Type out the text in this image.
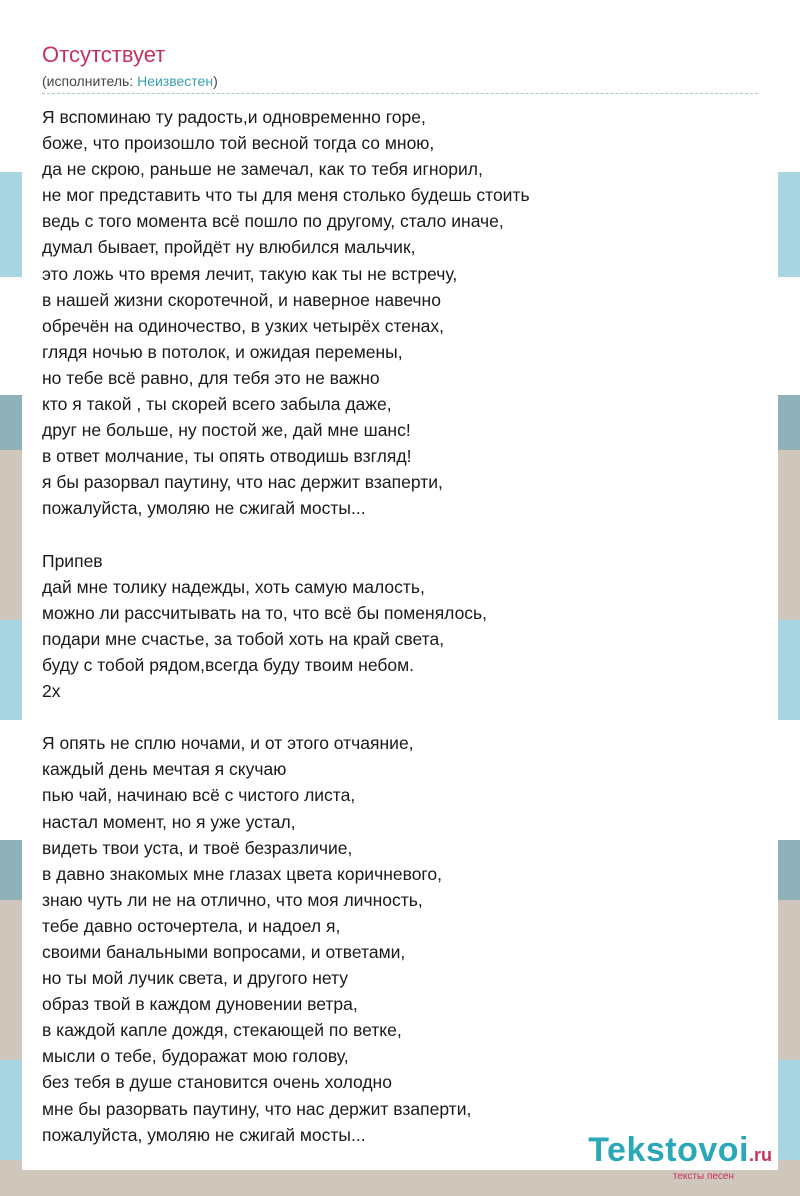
Отсутствует

(исполнитель: Неизвестен)

Я вспоминаю ту радость,и одновременно горе,
боже, что произошло той весной тогда со мною,
да не скрою, раньше не замечал, как то тебя игнорил,
не мог представить что ты для меня столько будешь стоить
ведь с того момента всё пошло по другому, стало иначе,
думал бывает, пройдёт ну влюбился мальчик,
это ложь что время лечит, такую как ты не встречу,
в нашей жизни скоротечной, и наверное навечно
обречён на одиночество, в узких четырёх стенах,
глядя ночью в потолок, и ожидая перемены,
но тебе всё равно, для тебя это не важно
кто я такой , ты скорей всего забыла даже,
друг не больше, ну постой же, дай мне шанс!
в ответ молчание, ты опять отводишь взгляд!
я бы разорвал паутину, что нас держит взаперти,
пожалуйста, умоляю не сжигай мосты...
Припев
дай мне толику надежды, хоть самую малость,
можно ли рассчитывать на то, что всё бы поменялось,
подари мне счастье, за тобой хоть на край света,
буду с тобой рядом,всегда буду твоим небом.
2х
Я опять не сплю ночами, и от этого отчаяние,
каждый день мечтая я скучаю
пью чай, начинаю всё с чистого листа,
настал момент, но я уже устал,
видеть твои уста, и твоё безразличие,
в давно знакомых мне глазах цвета коричневого,
знаю чуть ли не на отлично, что моя личность,
тебе давно осточертела, и надоел я,
своими банальными вопросами, и ответами,
но ты мой лучик света, и другого нету
образ твой в каждом дуновении ветра,
в каждой капле дождя, стекающей по ветке,
мысли о тебе, будоражат мою голову,
без тебя в душе становится очень холодно
мне бы разорвать паутину, что нас держит взаперти,
пожалуйста, умоляю не сжигай мосты...	Tekstovoi.ru
тексты песен
